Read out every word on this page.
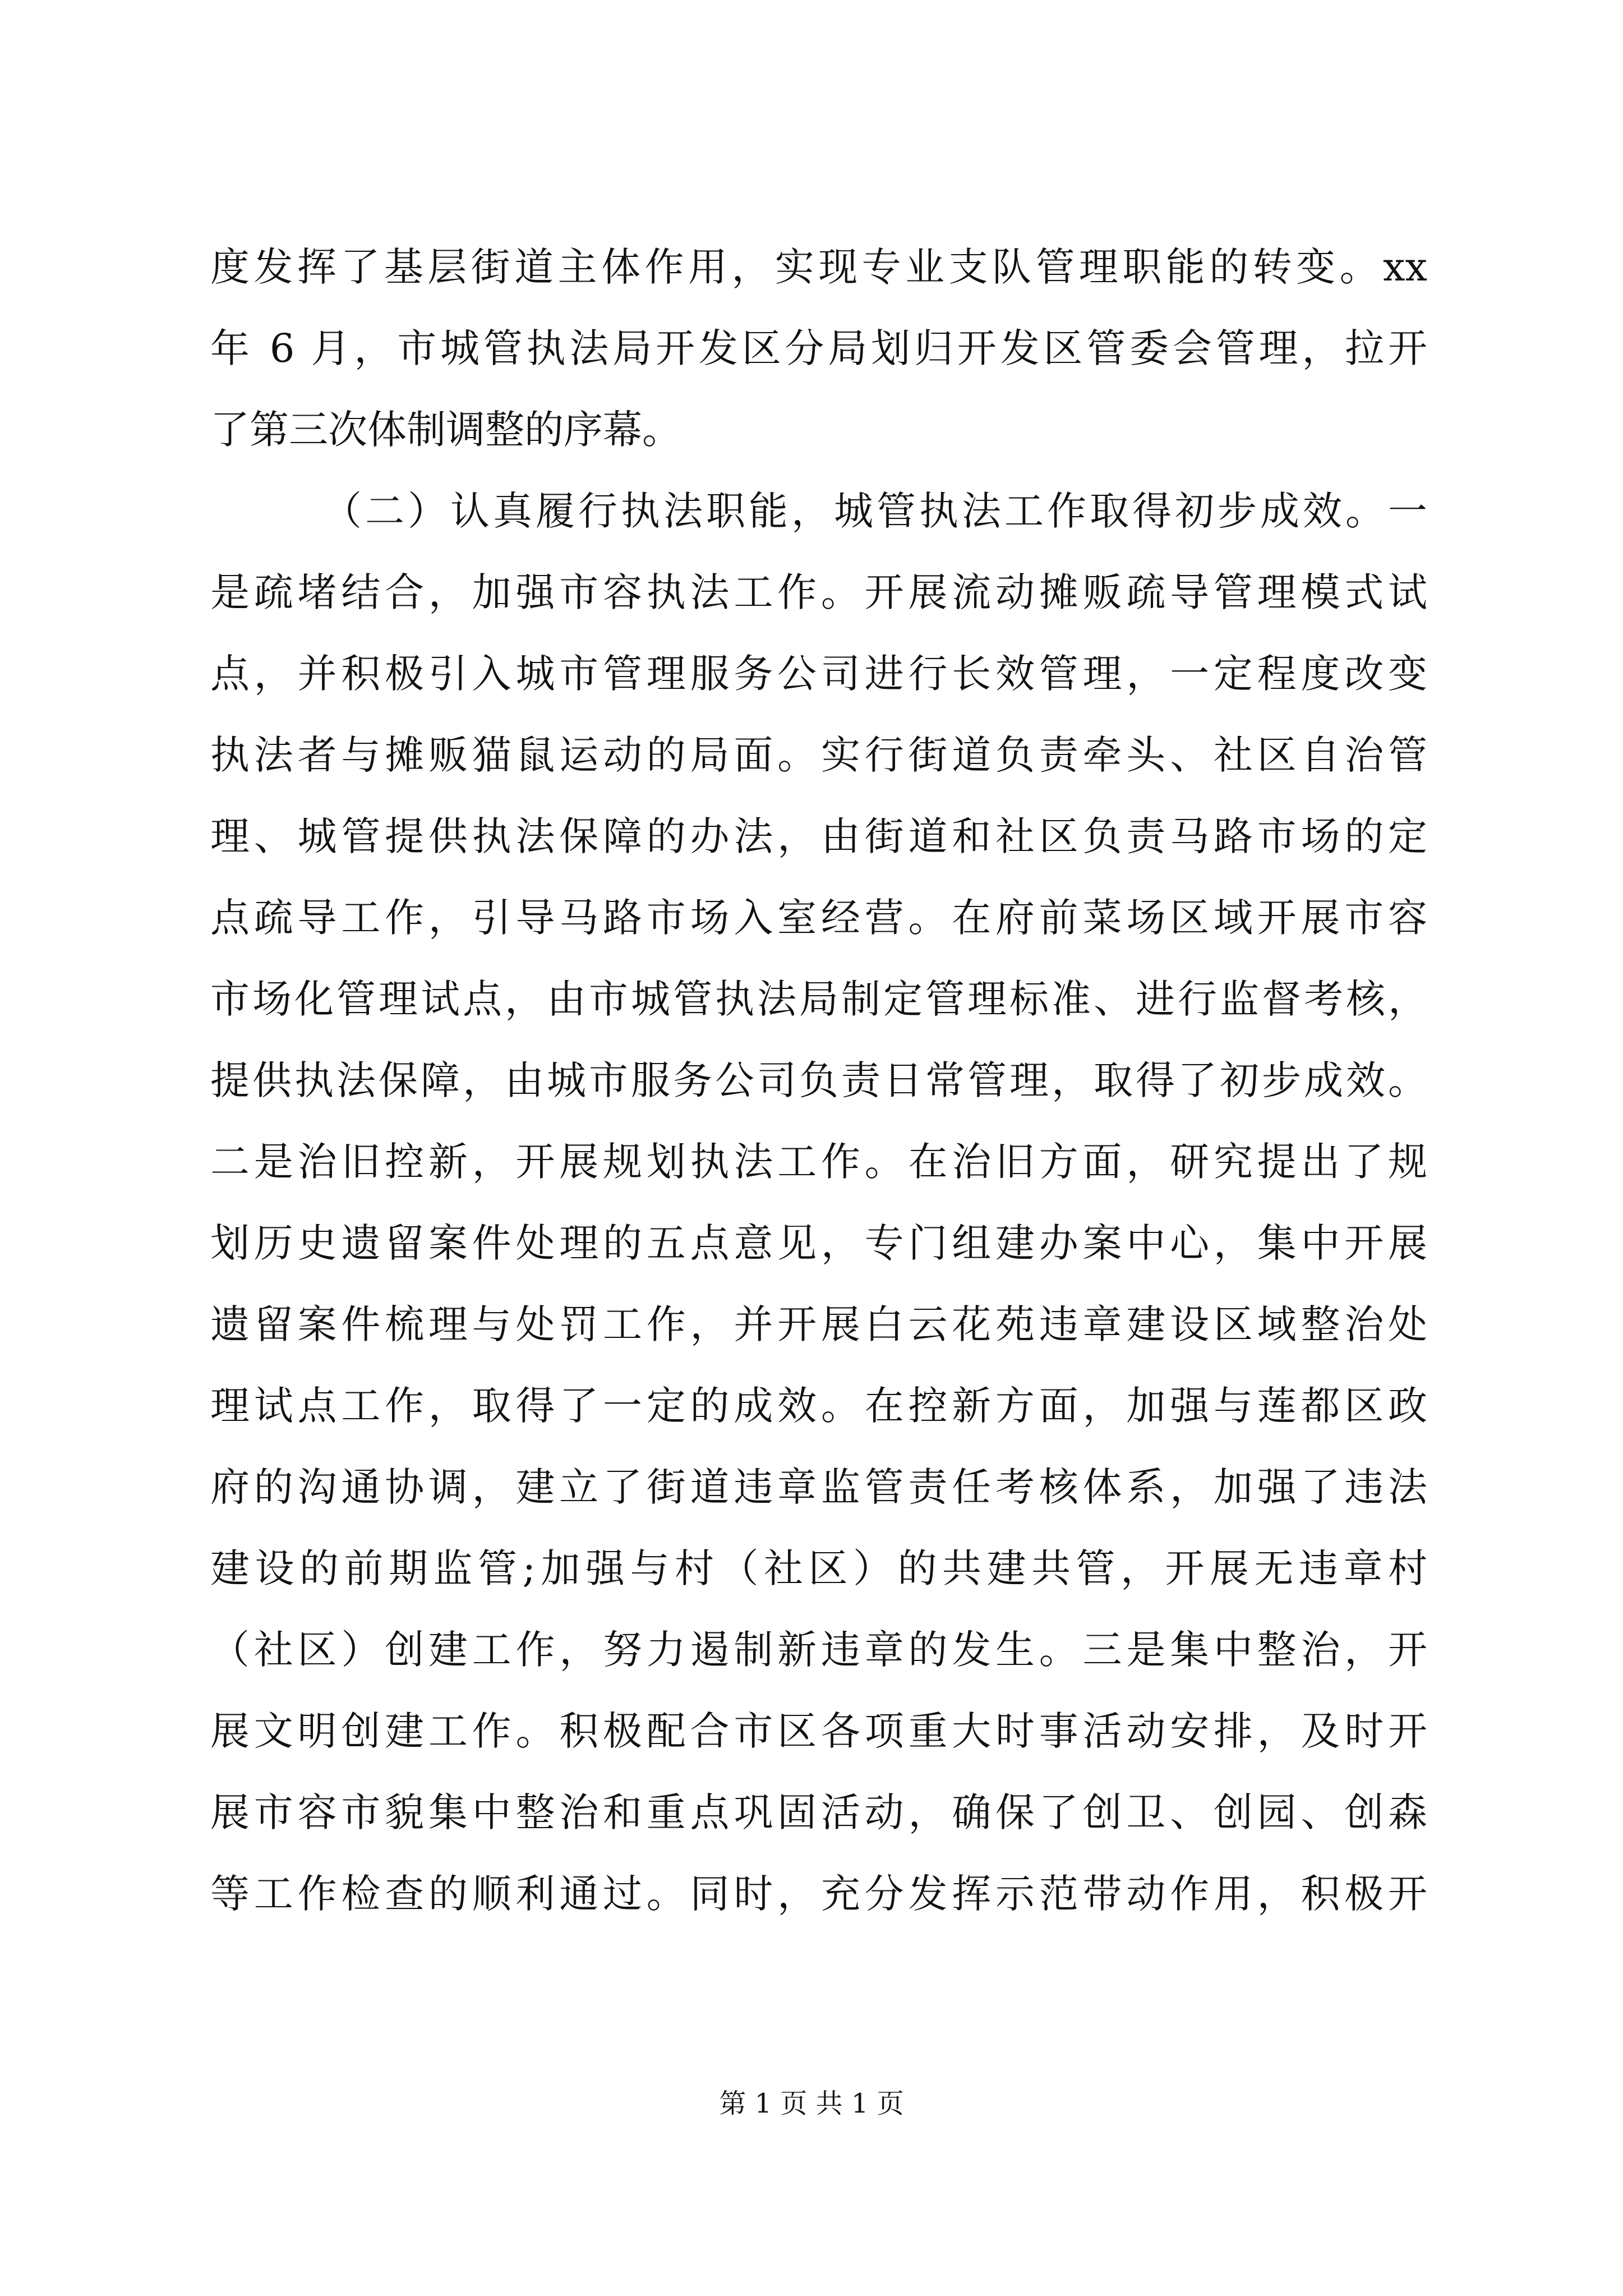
度发挥了基层街道主体作用，实现专业支队管理职能的转变。xx
年 6 月，市城管执法局开发区分局划归开发区管委会管理，拉开
了第三次体制调整的序幕。
（二）认真履行执法职能，城管执法工作取得初步成效。一
是疏堵结合，加强市容执法工作。开展流动摊贩疏导管理模式试
点，并积极引入城市管理服务公司进行长效管理，一定程度改变
执法者与摊贩猫鼠运动的局面。实行街道负责牵头、社区自治管
理、城管提供执法保障的办法，由街道和社区负责马路市场的定
点疏导工作，引导马路市场入室经营。在府前菜场区域开展市容
市场化管理试点，由市城管执法局制定管理标准、进行监督考核，
提供执法保障，由城市服务公司负责日常管理，取得了初步成效。
二是治旧控新，开展规划执法工作。在治旧方面，研究提出了规
划历史遗留案件处理的五点意见，专门组建办案中心，集中开展
遗留案件梳理与处罚工作，并开展白云花苑违章建设区域整治处
理试点工作，取得了一定的成效。在控新方面，加强与莲都区政
府的沟通协调，建立了街道违章监管责任考核体系，加强了违法
建设的前期监管;加强与村（社区）的共建共管，开展无违章村
（社区）创建工作，努力遏制新违章的发生。三是集中整治，开
展文明创建工作。积极配合市区各项重大时事活动安排，及时开
展市容市貌集中整治和重点巩固活动，确保了创卫、创园、创森
等工作检查的顺利通过。同时，充分发挥示范带动作用，积极开
第 1 页 共 1 页
